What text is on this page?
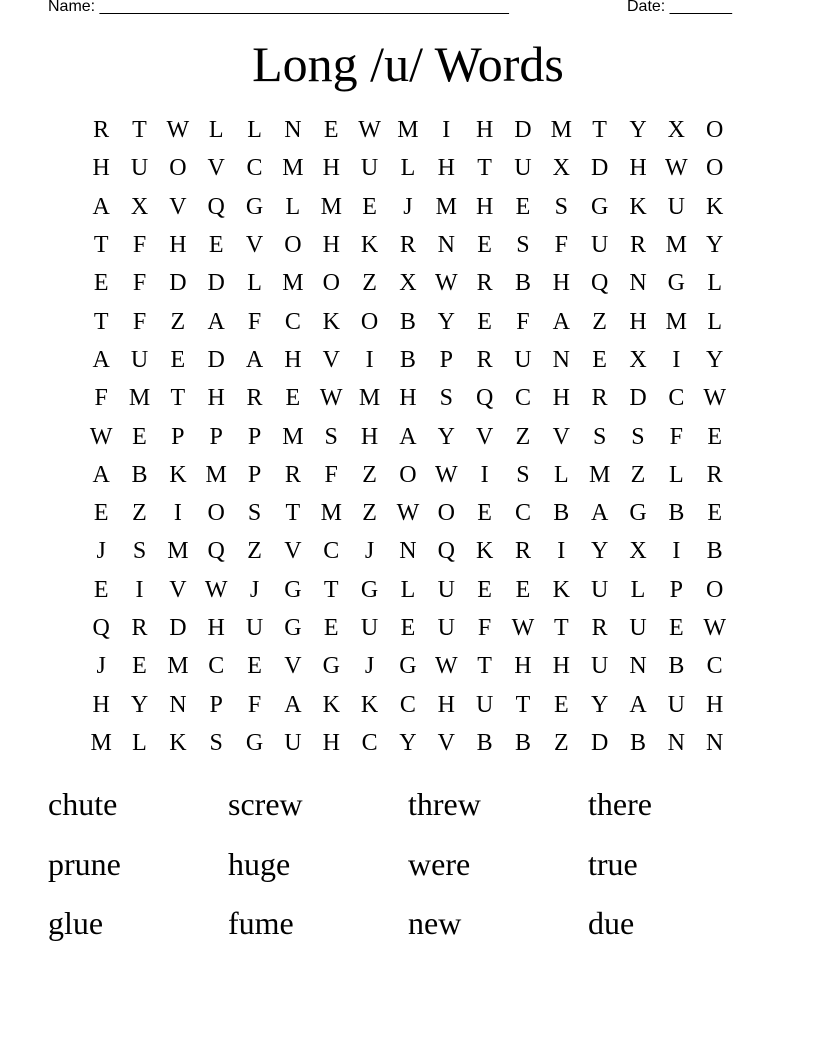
Name: ______________________________________________	Date: _______
Long /u/ Words
R T W L L N E W M I	H D M T Y X O
H U O V C M H U L H T U X D H W O
A X V Q G L M E	J M H E	S G K U K
T	F H E V O H K R N E	S	F U R M Y
E	F D D L M O Z X W R B H Q N G L
T	F	Z A F C K O B Y E	F A Z H M L
A U E D A H V	I	B P R U N E X	I	Y
F M T H R E W M H S Q C H R D C W
W E	P	P	P M S H A Y V Z V S	S	F	E
A B K M P R F	Z O W I	S	L M Z L R
E Z	I	O S	T M Z W O E C B A G B E
J	S M Q Z V C	J	N Q K R	I	Y X	I	B
E	I	V W J	G T G L U E E K U L	P O
Q R D H U G E U E U F W T R U E W
J	E M C E V G	J	G W T H H U N B C
H Y N P	F A K K C H U T E Y A U H
M L K S G U H C Y V B B Z D B N N
chute	screw	threw	there
prune	huge	were	true
glue	fume	new	due
